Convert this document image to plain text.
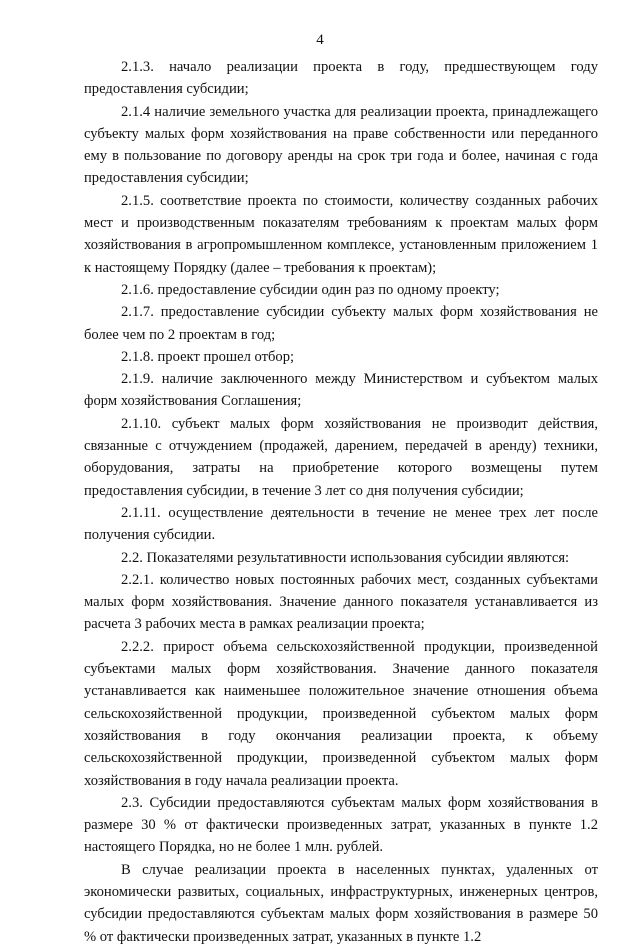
4

2.1.3. начало реализации проекта в году, предшествующем году предоставления субсидии;

2.1.4 наличие земельного участка для реализации проекта, принадлежащего субъекту малых форм хозяйствования на праве собственности или переданного ему в пользование по договору аренды на срок три года и более, начиная с года предоставления субсидии;

2.1.5. соответствие проекта по стоимости, количеству созданных рабочих мест и производственным показателям требованиям к проектам малых форм хозяйствования в агропромышленном комплексе, установленным приложением 1 к настоящему Порядку (далее – требования к проектам);

2.1.6. предоставление субсидии один раз по одному проекту;

2.1.7. предоставление субсидии субъекту малых форм хозяйствования не более чем по 2 проектам в год;

2.1.8. проект прошел отбор;

2.1.9. наличие заключенного между Министерством и субъектом малых форм хозяйствования Соглашения;

2.1.10. субъект малых форм хозяйствования не производит действия, связанные с отчуждением (продажей, дарением, передачей в аренду) техники, оборудования, затраты на приобретение которого возмещены путем предоставления субсидии, в течение 3 лет со дня получения субсидии;

2.1.11. осуществление деятельности в течение не менее трех лет после получения субсидии.

2.2. Показателями результативности использования субсидии являются:

2.2.1. количество новых постоянных рабочих мест, созданных субъектами малых форм хозяйствования. Значение данного показателя устанавливается из расчета 3 рабочих места в рамках реализации проекта;

2.2.2. прирост объема сельскохозяйственной продукции, произведенной субъектами малых форм хозяйствования. Значение данного показателя устанавливается как наименьшее положительное значение отношения объема сельскохозяйственной продукции, произведенной субъектом малых форм хозяйствования в году окончания реализации проекта, к объему сельскохозяйственной продукции, произведенной субъектом малых форм хозяйствования в году начала реализации проекта.

2.3. Субсидии предоставляются субъектам малых форм хозяйствования в размере 30 % от фактически произведенных затрат, указанных в пункте 1.2 настоящего Порядка, но не более 1 млн. рублей.

В случае реализации проекта в населенных пунктах, удаленных от экономически развитых, социальных, инфраструктурных, инженерных центров, субсидии предоставляются субъектам малых форм хозяйствования в размере 50 % от фактически произведенных затрат, указанных в пункте 1.2
